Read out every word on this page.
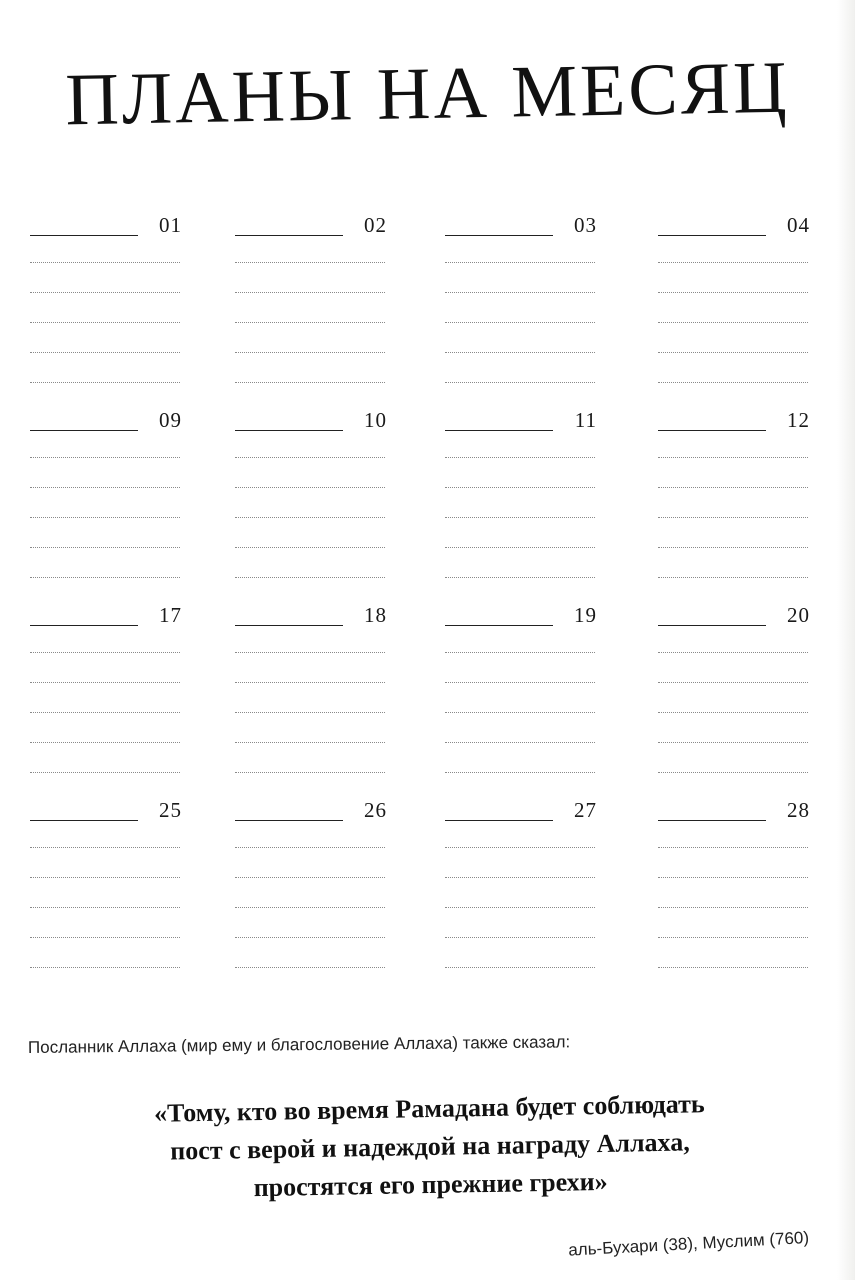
ПЛАНЫ НА МЕСЯЦ
01	02	03	04
09	10	11	12
17	18	19	20
25	26	27	28
Посланник Аллаха (мир ему и благословение Аллаха) также сказал:

«Тому, кто во время Рамадана будет соблюдать
пост с верой и надеждой на награду Аллаха,
простятся его прежние грехи»

аль-Бухари (38), Муслим (760)
